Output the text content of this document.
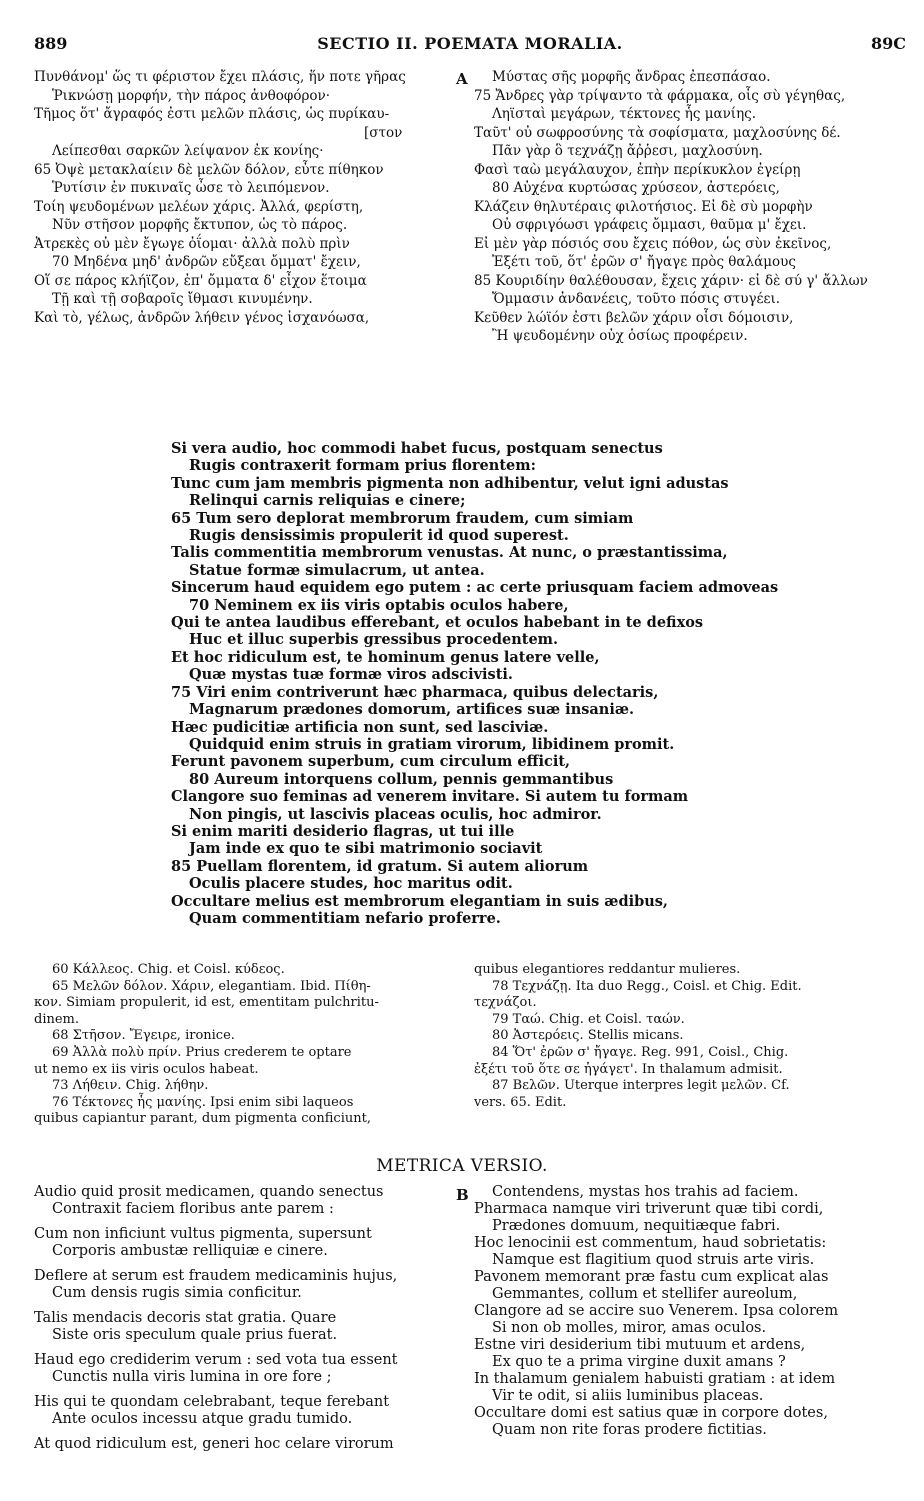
889	SECTIO II. POEMATA MORALIA.	89C
A
B
Πυνθάνομ' ὥς τι φέριστον ἔχει πλάσις, ἥν ποτε γῆρας
Ῥικνώσῃ μορφήν, τὴν πάρος ἀνθοφόρον·
Τῆμος ὅτ' ἄγραφός ἐστι μελῶν πλάσις, ὡς πυρίκαυ-
[στον
Λείπεσθαι σαρκῶν λείψανον ἐκ κονίης·
65 Ὀψὲ μετακλαίειν δὲ μελῶν δόλον, εὖτε πίθηκον
Ῥυτίσιν ἐν πυκιναῖς ὦσε τὸ λειπόμενον.
Τοίη ψευδομένων μελέων χάρις. Ἀλλά, φερίστη,
Νῦν στῆσον μορφῆς ἔκτυπον, ὡς τὸ πάρος.
Ἀτρεκὲς οὐ μὲν ἔγωγε ὀΐομαι· ἀλλὰ πολὺ πρὶν
70 Μηδένα μηδ' ἀνδρῶν εὔξεαι ὄμματ' ἔχειν,
Οἵ σε πάρος κλήϊζον, ἐπ' ὄμματα δ' εἶχον ἕτοιμα
Τῇ καὶ τῇ σοβαροῖς ἴθμασι κινυμένην.
Καὶ τὸ, γέλως, ἀνδρῶν λήθειν γένος ἰσχανόωσα,
Μύστας σῆς μορφῆς ἄνδρας ἐπεσπάσαο.
75 Ἄνδρες γὰρ τρίψαντο τὰ φάρμακα, οἷς σὺ γέγηθας,
Ληϊσταὶ μεγάρων, τέκτονες ἧς μανίης.
Ταῦτ' οὐ σωφροσύνης τὰ σοφίσματα, μαχλοσύνης δέ.
Πᾶν γὰρ ὃ τεχνάζῃ ἄῤῥεσι, μαχλοσύνη.
Φασὶ ταὼ μεγάλαυχον, ἐπὴν περίκυκλον ἐγείρῃ
80 Αὐχένα κυρτώσας χρύσεον, ἀστερόεις,
Κλάζειν θηλυτέραις φιλοτήσιος. Εἰ δὲ σὺ μορφὴν
Οὐ σφριγόωσι γράφεις ὄμμασι, θαῦμα μ' ἔχει.
Εἰ μὲν γὰρ πόσιός σου ἔχεις πόθον, ὡς σὺν ἐκεῖνος,
Ἐξέτι τοῦ, ὅτ' ἐρῶν σ' ἤγαγε πρὸς θαλάμους
85 Κουριδίην θαλέθουσαν, ἔχεις χάριν· εἰ δὲ σύ γ' ἄλλων
Ὄμμασιν ἀνδανέεις, τοῦτο πόσις στυγέει.
Κεῦθεν λώϊόν ἐστι βελῶν χάριν οἷσι δόμοισιν,
Ἢ ψευδομένην οὐχ ὁσίως προφέρειν.
Si vera audio, hoc commodi habet fucus, postquam senectus
Rugis contraxerit formam prius florentem:
Tunc cum jam membris pigmenta non adhibentur, velut igni adustas
Relinqui carnis reliquias e cinere;
65 Tum sero deplorat membrorum fraudem, cum simiam
Rugis densissimis propulerit id quod superest.
Talis commentitia membrorum venustas. At nunc, o præstantissima,
Statue formæ simulacrum, ut antea.
Sincerum haud equidem ego putem : ac certe priusquam faciem admoveas
70 Neminem ex iis viris optabis oculos habere,
Qui te antea laudibus efferebant, et oculos habebant in te defixos
Huc et illuc superbis gressibus procedentem.
Et hoc ridiculum est, te hominum genus latere velle,
Quæ mystas tuæ formæ viros adscivisti.
75 Viri enim contriverunt hæc pharmaca, quibus delectaris,
Magnarum prædones domorum, artifices suæ insaniæ.
Hæc pudicitiæ artificia non sunt, sed lasciviæ.
Quidquid enim struis in gratiam virorum, libidinem promit.
Ferunt pavonem superbum, cum circulum efficit,
80 Aureum intorquens collum, pennis gemmantibus
Clangore suo feminas ad venerem invitare. Si autem tu formam
Non pingis, ut lascivis placeas oculis, hoc admiror.
Si enim mariti desiderio flagras, ut tui ille
Jam inde ex quo te sibi matrimonio sociavit
85 Puellam florentem, id gratum. Si autem aliorum
Oculis placere studes, hoc maritus odit.
Occultare melius est membrorum elegantiam in suis ædibus,
Quam commentitiam nefario proferre.
60 Κάλλεος. Chig. et Coisl. κύδεος.
65 Μελῶν δόλον. Χάριν, elegantiam. Ibid. Πίθη-
κον. Simiam propulerit, id est, ementitam pulchritu-
dinem.
68 Στῆσον. Ἔγειρε, ironice.
69 Ἀλλὰ πολὺ πρίν. Prius crederem te optare
ut nemo ex iis viris oculos habeat.
73 Λήθειν. Chig. λήθην.
76 Τέκτονες ἧς μανίης. Ipsi enim sibi laqueos
quibus capiantur parant, dum pigmenta conficiunt,
quibus elegantiores reddantur mulieres.
78 Τεχνάζῃ. Ita duo Regg., Coisl. et Chig. Edit.
τεχνάζοι.
79 Ταώ. Chig. et Coisl. ταών.
80 Ἀστερόεις. Stellis micans.
84 Ὅτ' ἐρῶν σ' ἤγαγε. Reg. 991, Coisl., Chig.
ἐξέτι τοῦ ὅτε σε ἠγάγετ'. In thalamum admisit.
87 Βελῶν. Uterque interpres legit μελῶν. Cf.
vers. 65. Edit.
METRICA VERSIO.
Audio quid prosit medicamen, quando senectus
Contraxit faciem floribus ante parem :
Cum non inficiunt vultus pigmenta, supersunt
Corporis ambustæ relliquiæ e cinere.
Deflere at serum est fraudem medicaminis hujus,
Cum densis rugis simia conficitur.
Talis mendacis decoris stat gratia. Quare
Siste oris speculum quale prius fuerat.
Haud ego crediderim verum : sed vota tua essent
Cunctis nulla viris lumina in ore fore ;
His qui te quondam celebrabant, teque ferebant
Ante oculos incessu atque gradu tumido.
At quod ridiculum est, generi hoc celare virorum
Contendens, mystas hos trahis ad faciem.
Pharmaca namque viri triverunt quæ tibi cordi,
Prædones domuum, nequitiæque fabri.
Hoc lenocinii est commentum, haud sobrietatis:
Namque est flagitium quod struis arte viris.
Pavonem memorant præ fastu cum explicat alas
Gemmantes, collum et stellifer aureolum,
Clangore ad se accire suo Venerem. Ipsa colorem
Si non ob molles, miror, amas oculos.
Estne viri desiderium tibi mutuum et ardens,
Ex quo te a prima virgine duxit amans ?
In thalamum genialem habuisti gratiam : at idem
Vir te odit, si aliis luminibus placeas.
Occultare domi est satius quæ in corpore dotes,
Quam non rite foras prodere fictitias.
